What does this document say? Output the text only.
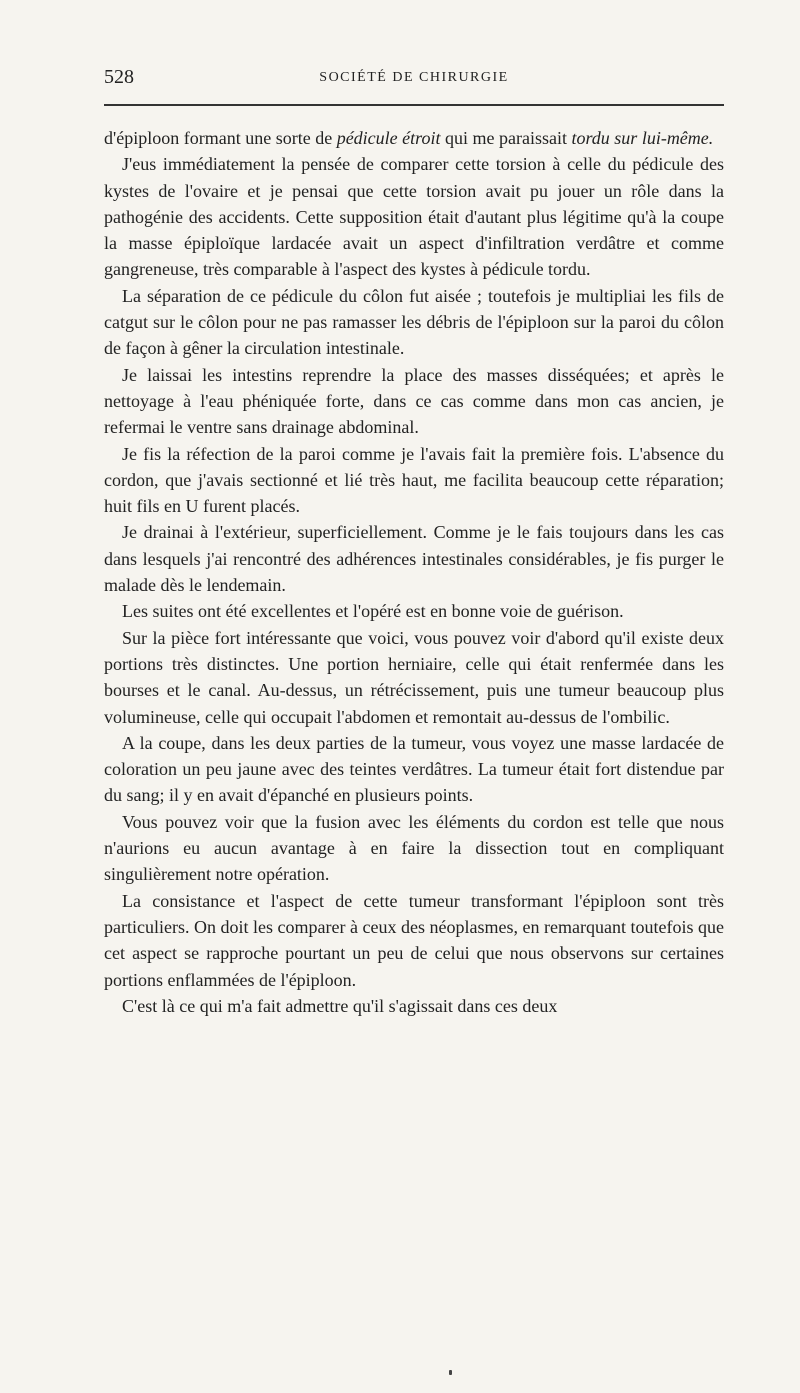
528	SOCIÉTÉ DE CHIRURGIE

d'épiploon formant une sorte de pédicule étroit qui me paraissait tordu sur lui-même.

J'eus immédiatement la pensée de comparer cette torsion à celle du pédicule des kystes de l'ovaire et je pensai que cette torsion avait pu jouer un rôle dans la pathogénie des accidents. Cette supposition était d'autant plus légitime qu'à la coupe la masse épiploïque lardacée avait un aspect d'infiltration verdâtre et comme gangreneuse, très comparable à l'aspect des kystes à pédicule tordu.

La séparation de ce pédicule du côlon fut aisée ; toutefois je multipliai les fils de catgut sur le côlon pour ne pas ramasser les débris de l'épiploon sur la paroi du côlon de façon à gêner la circulation intestinale.

Je laissai les intestins reprendre la place des masses disséquées; et après le nettoyage à l'eau phéniquée forte, dans ce cas comme dans mon cas ancien, je refermai le ventre sans drainage abdominal.

Je fis la réfection de la paroi comme je l'avais fait la première fois. L'absence du cordon, que j'avais sectionné et lié très haut, me facilita beaucoup cette réparation; huit fils en U furent placés.

Je drainai à l'extérieur, superficiellement. Comme je le fais toujours dans les cas dans lesquels j'ai rencontré des adhérences intestinales considérables, je fis purger le malade dès le lendemain.

Les suites ont été excellentes et l'opéré est en bonne voie de guérison.

Sur la pièce fort intéressante que voici, vous pouvez voir d'abord qu'il existe deux portions très distinctes. Une portion herniaire, celle qui était renfermée dans les bourses et le canal. Au-dessus, un rétrécissement, puis une tumeur beaucoup plus volumineuse, celle qui occupait l'abdomen et remontait au-dessus de l'ombilic.

A la coupe, dans les deux parties de la tumeur, vous voyez une masse lardacée de coloration un peu jaune avec des teintes verdâtres. La tumeur était fort distendue par du sang; il y en avait d'épanché en plusieurs points.

Vous pouvez voir que la fusion avec les éléments du cordon est telle que nous n'aurions eu aucun avantage à en faire la dissection tout en compliquant singulièrement notre opération.

La consistance et l'aspect de cette tumeur transformant l'épiploon sont très particuliers. On doit les comparer à ceux des néoplasmes, en remarquant toutefois que cet aspect se rapproche pourtant un peu de celui que nous observons sur certaines portions enflammées de l'épiploon.

C'est là ce qui m'a fait admettre qu'il s'agissait dans ces deux
